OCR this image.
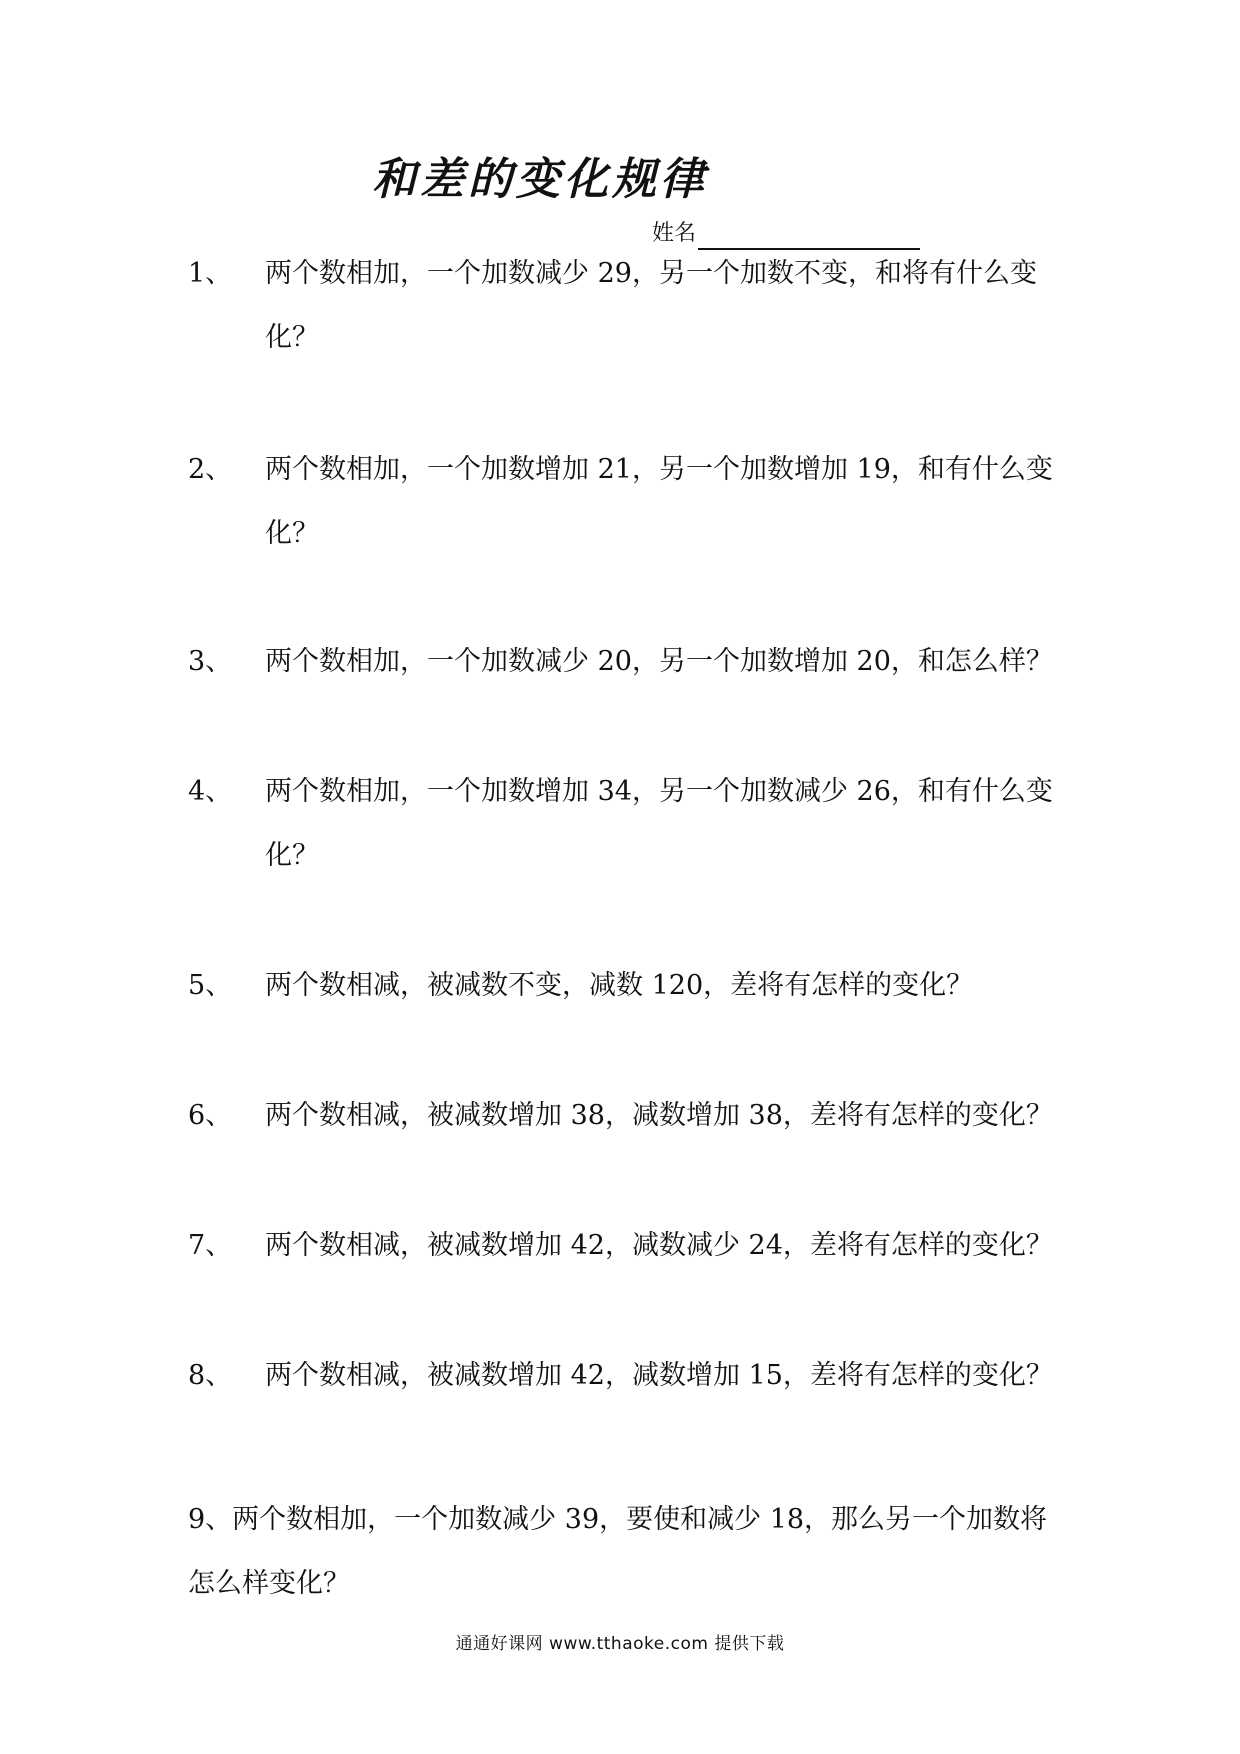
和差的变化规律
姓名
1、	两个数相加，一个加数减少 29，另一个加数不变，和将有什么变化？
2、	两个数相加，一个加数增加 21，另一个加数增加 19，和有什么变化？
3、	两个数相加，一个加数减少 20，另一个加数增加 20，和怎么样？
4、	两个数相加，一个加数增加 34，另一个加数减少 26，和有什么变化？
5、	两个数相减，被减数不变，减数 120，差将有怎样的变化？
6、	两个数相减，被减数增加 38，减数增加 38，差将有怎样的变化？
7、	两个数相减，被减数增加 42，减数减少 24，差将有怎样的变化？
8、	两个数相减，被减数增加 42，减数增加 15，差将有怎样的变化？
9、两个数相加，一个加数减少 39，要使和减少 18，那么另一个加数将怎么样变化？
通通好课网 www.tthaoke.com 提供下载
